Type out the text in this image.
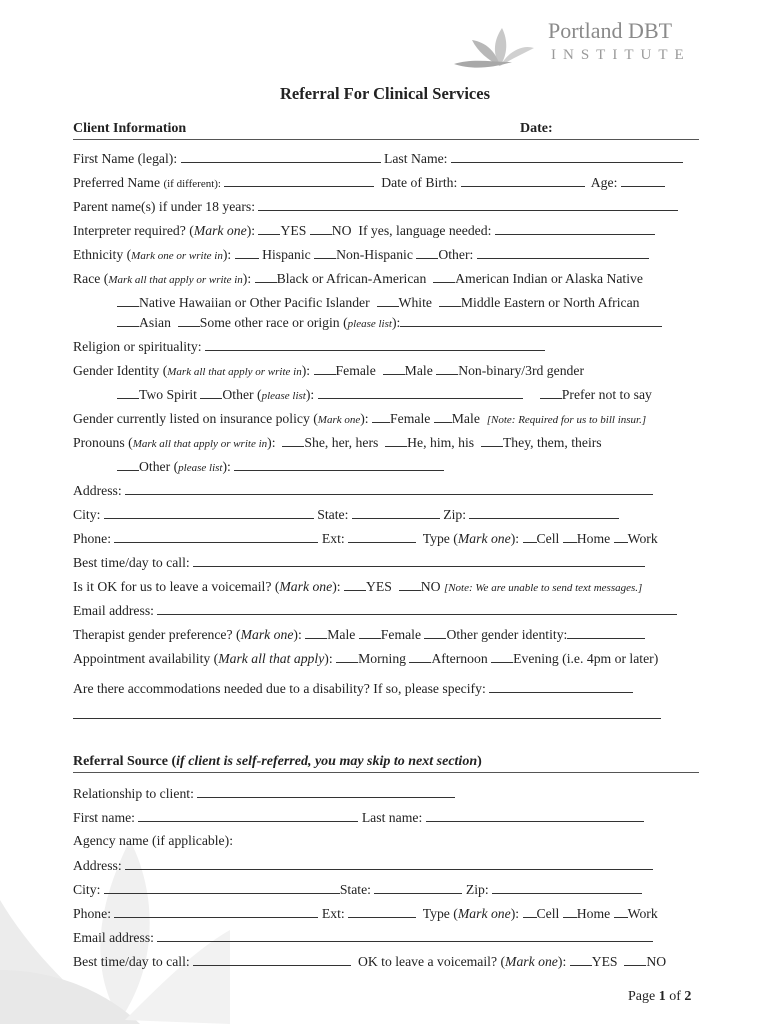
Portland DBT
INSTITUTE
Referral For Clinical Services
Client Information	Date:
First Name (legal):	Last Name:
Preferred Name (if different):	Date of Birth:	Age:
Parent name(s) if under 18 years:
Interpreter required? (Mark one): YES NO If yes, language needed:
Ethnicity (Mark one or write in): Hispanic Non-Hispanic Other:
Race (Mark all that apply or write in): Black or African-American American Indian or Alaska Native
Native Hawaiian or Other Pacific Islander White Middle Eastern or North African
Asian Some other race or origin (please list):
Religion or spirituality:
Gender Identity (Mark all that apply or write in): Female Male Non-binary/3rd gender
Two Spirit Other (please list):	Prefer not to say
Gender currently listed on insurance policy (Mark one): Female Male [Note: Required for us to bill insur.]
Pronouns (Mark all that apply or write in): She, her, hers He, him, his They, them, theirs
Other (please list):
Address:
City:	State:	Zip:
Phone:	Ext:	Type (Mark one): Cell Home Work
Best time/day to call:
Is it OK for us to leave a voicemail? (Mark one): YES NO [Note: We are unable to send text messages.]
Email address:
Therapist gender preference? (Mark one): Male Female Other gender identity:
Appointment availability (Mark all that apply): Morning Afternoon Evening (i.e. 4pm or later)
Are there accommodations needed due to a disability? If so, please specify:
Referral Source (if client is self-referred, you may skip to next section)
Relationship to client:
First name:	Last name:
Agency name (if applicable):
Address:
City:	State:	Zip:
Phone:	Ext:	Type (Mark one): Cell Home Work
Email address:
Best time/day to call:	OK to leave a voicemail? (Mark one): YES NO
Page 1 of 2
